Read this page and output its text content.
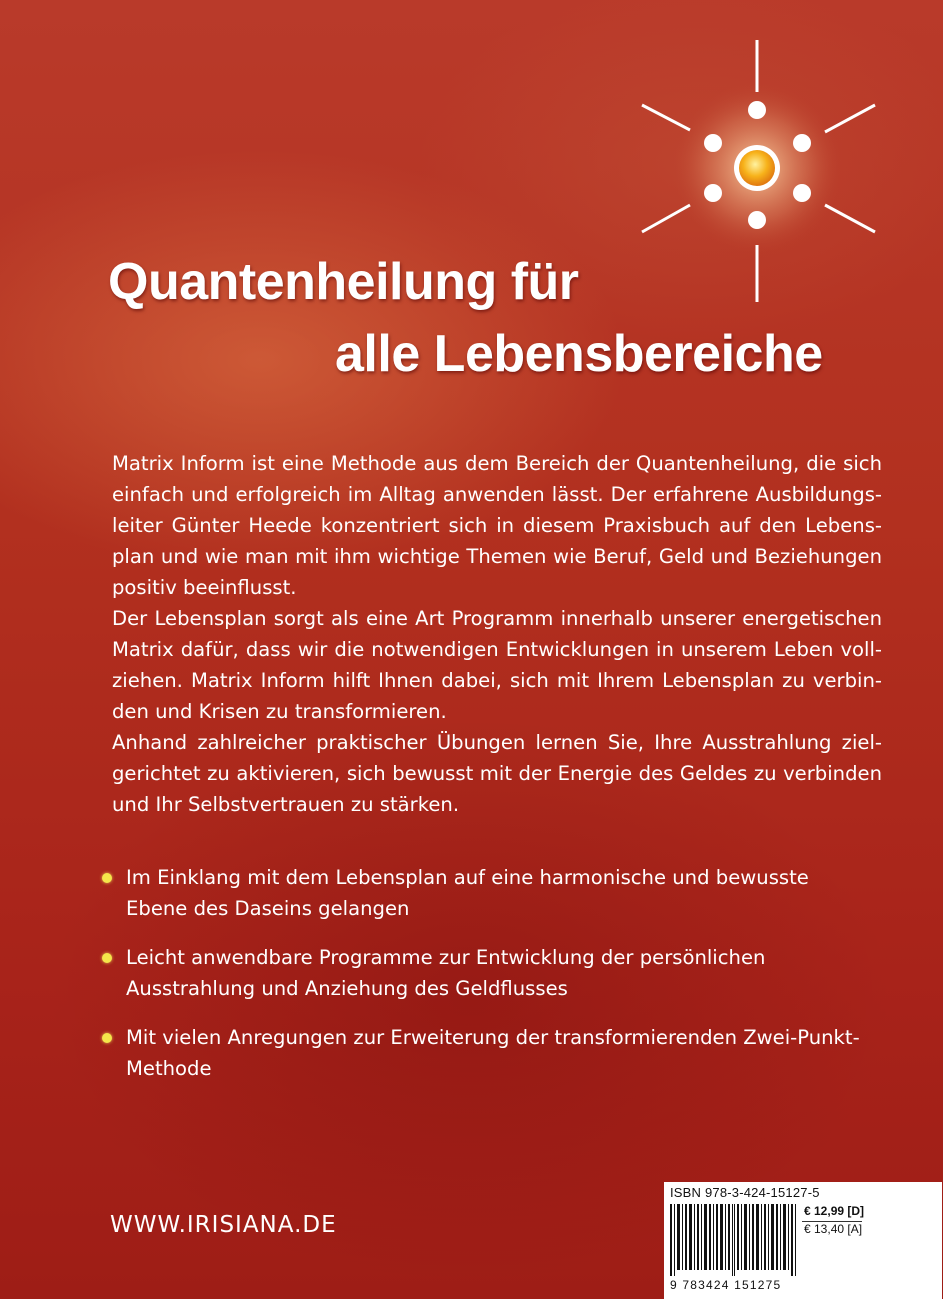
Quantenheilung für
alle Lebensbereiche

Matrix Inform ist eine Methode aus dem Bereich der Quantenheilung, die sich einfach und erfolgreich im Alltag anwenden lässt. Der erfahrene Ausbildungsleiter Günter Heede konzentriert sich in diesem Praxisbuch auf den Lebensplan und wie man mit ihm wichtige Themen wie Beruf, Geld und Beziehungen positiv beeinflusst.

Der Lebensplan sorgt als eine Art Programm innerhalb unserer energetischen Matrix dafür, dass wir die notwendigen Entwicklungen in unserem Leben vollziehen. Matrix Inform hilft Ihnen dabei, sich mit Ihrem Lebensplan zu verbinden und Krisen zu transformieren.

Anhand zahlreicher praktischer Übungen lernen Sie, Ihre Ausstrahlung zielgerichtet zu aktivieren, sich bewusst mit der Energie des Geldes zu verbinden und Ihr Selbstvertrauen zu stärken.

Im Einklang mit dem Lebensplan auf eine harmonische und bewusste Ebene des Daseins gelangen
Leicht anwendbare Programme zur Entwicklung der persönlichen Ausstrahlung und Anziehung des Geldflusses
Mit vielen Anregungen zur Erweiterung der transformierenden Zwei-Punkt-Methode
WWW.IRISIANA.DE
ISBN 978-3-424-15127-5
9 783424 151275
€ 12,99 [D]
€ 13,40 [A]
